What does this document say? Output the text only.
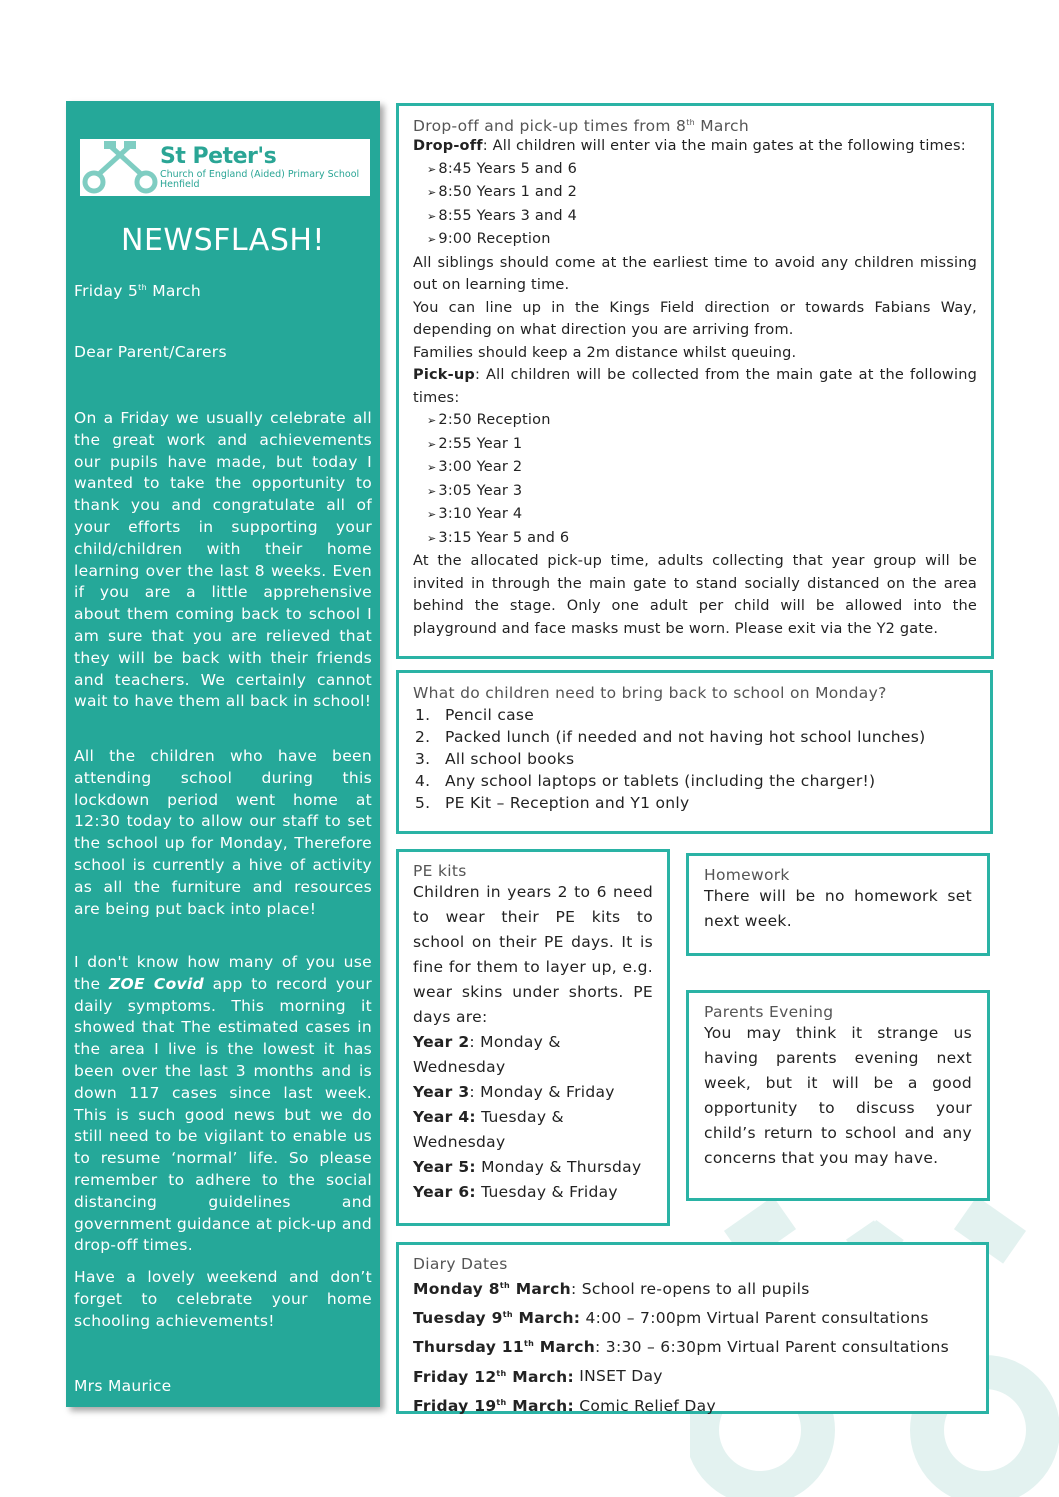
St Peter's
Church of England (Aided) Primary School
Henfield
NEWSFLASH!
Friday 5th March
Dear Parent/Carers
On a Friday we usually celebrate all the great work and achievements our pupils have made, but today I wanted to take the opportunity to thank you and congratulate all of your efforts in supporting your child/children with their home learning over the last 8 weeks. Even if you are a little apprehensive about them coming back to school I am sure that you are relieved that they will be back with their friends and teachers. We certainly cannot wait to have them all back in school!
All the children who have been attending school during this lockdown period went home at 12:30 today to allow our staff to set the school up for Monday, Therefore school is currently a hive of activity as all the furniture and resources are being put back into place!
I don't know how many of you use the ZOE Covid app to record your daily symptoms. This morning it showed that The estimated cases in the area I live is the lowest it has been over the last 3 months and is down 117 cases since last week. This is such good news but we do still need to be vigilant to enable us to resume ‘normal’ life. So please remember to adhere to the social distancing guidelines and government guidance at pick-up and drop-off times.
Have a lovely weekend and don’t forget to celebrate your home schooling achievements!
Mrs Maurice
Drop-off and pick-up times from 8th March
Drop-off: All children will enter via the main gates at the following times:
➢ 8:45 Years 5 and 6
➢ 8:50 Years 1 and 2
➢ 8:55 Years 3 and 4
➢ 9:00 Reception
All siblings should come at the earliest time to avoid any children missing out on learning time.
You can line up in the Kings Field direction or towards Fabians Way, depending on what direction you are arriving from.
Families should keep a 2m distance whilst queuing.
Pick-up: All children will be collected from the main gate at the following times:
➢ 2:50 Reception
➢ 2:55 Year 1
➢ 3:00 Year 2
➢ 3:05 Year 3
➢ 3:10 Year 4
➢ 3:15 Year 5 and 6
At the allocated pick-up time, adults collecting that year group will be invited in through the main gate to stand socially distanced on the area behind the stage. Only one adult per child will be allowed into the playground and face masks must be worn. Please exit via the Y2 gate.
What do children need to bring back to school on Monday?
1. Pencil case
2. Packed lunch (if needed and not having hot school lunches)
3. All school books
4. Any school laptops or tablets (including the charger!)
5. PE Kit – Reception and Y1 only
PE kits
Children in years 2 to 6 need to wear their PE kits to school on their PE days. It is fine for them to layer up, e.g. wear skins under shorts. PE days are:
Year 2: Monday & Wednesday
Year 3: Monday & Friday
Year 4: Tuesday & Wednesday
Year 5: Monday & Thursday
Year 6: Tuesday & Friday
Homework
There will be no homework set next week.
Parents Evening
You may think it strange us having parents evening next week, but it will be a good opportunity to discuss your child’s return to school and any concerns that you may have.
Diary Dates
Monday 8th March: School re-opens to all pupils
Tuesday 9th March: 4:00 – 7:00pm Virtual Parent consultations
Thursday 11th March: 3:30 – 6:30pm Virtual Parent consultations
Friday 12th March: INSET Day
Friday 19th March: Comic Relief Day
